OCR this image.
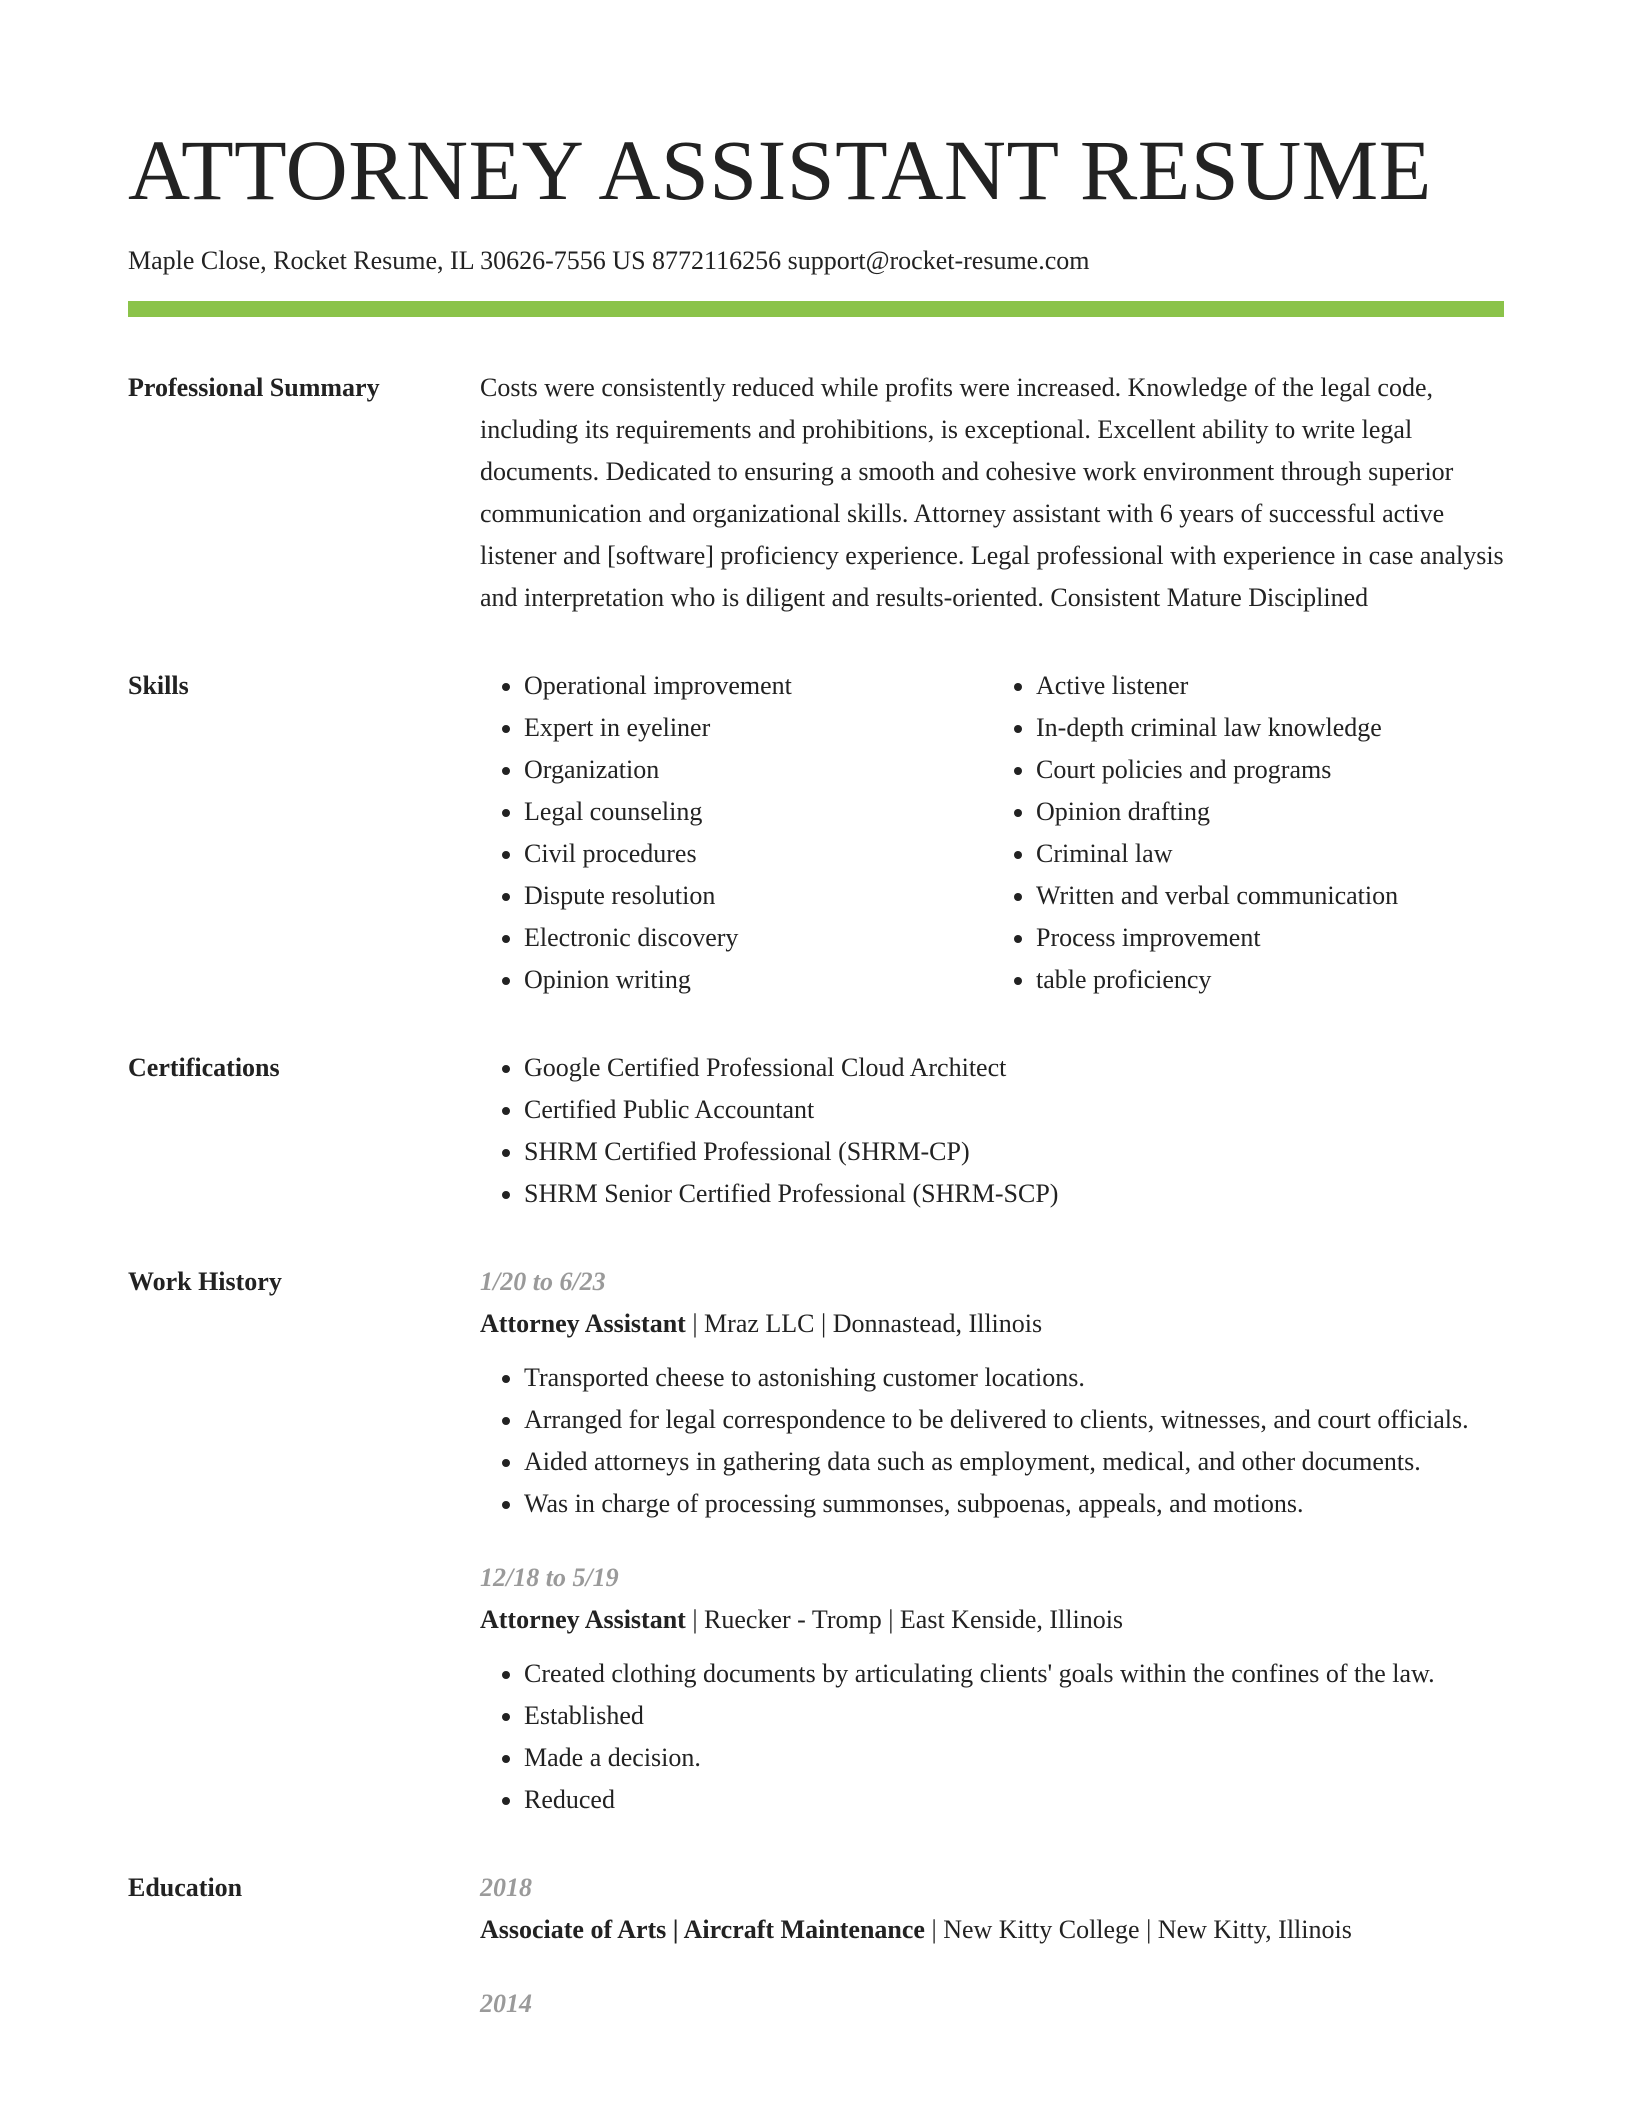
ATTORNEY ASSISTANT RESUME
Maple Close, Rocket Resume, IL 30626-7556 US 8772116256 support@rocket-resume.com
Professional Summary	Costs were consistently reduced while profits were increased. Knowledge of the legal code, including its requirements and prohibitions, is exceptional. Excellent ability to write legal documents. Dedicated to ensuring a smooth and cohesive work environment through superior communication and organizational skills. Attorney assistant with 6 years of successful active listener and [software] proficiency experience. Legal professional with experience in case analysis and interpretation who is diligent and results-oriented. Consistent Mature Disciplined

Skills	• Operational improvement
• Expert in eyeliner
• Organization
• Legal counseling
• Civil procedures
• Dispute resolution
• Electronic discovery
• Opinion writing
• Active listener
• In-depth criminal law knowledge
• Court policies and programs
• Opinion drafting
• Criminal law
• Written and verbal communication
• Process improvement
• table proficiency
Certifications	• Google Certified Professional Cloud Architect
• Certified Public Accountant
• SHRM Certified Professional (SHRM-CP)
• SHRM Senior Certified Professional (SHRM-SCP)
Work History	1/20 to 6/23
Attorney Assistant | Mraz LLC | Donnastead, Illinois
• Transported cheese to astonishing customer locations.
• Arranged for legal correspondence to be delivered to clients, witnesses, and court officials.
• Aided attorneys in gathering data such as employment, medical, and other documents.
• Was in charge of processing summonses, subpoenas, appeals, and motions.
12/18 to 5/19
Attorney Assistant | Ruecker - Tromp | East Kenside, Illinois
• Created clothing documents by articulating clients' goals within the confines of the law.
• Established
• Made a decision.
• Reduced
Education	2018
Associate of Arts | Aircraft Maintenance | New Kitty College | New Kitty, Illinois
2014
